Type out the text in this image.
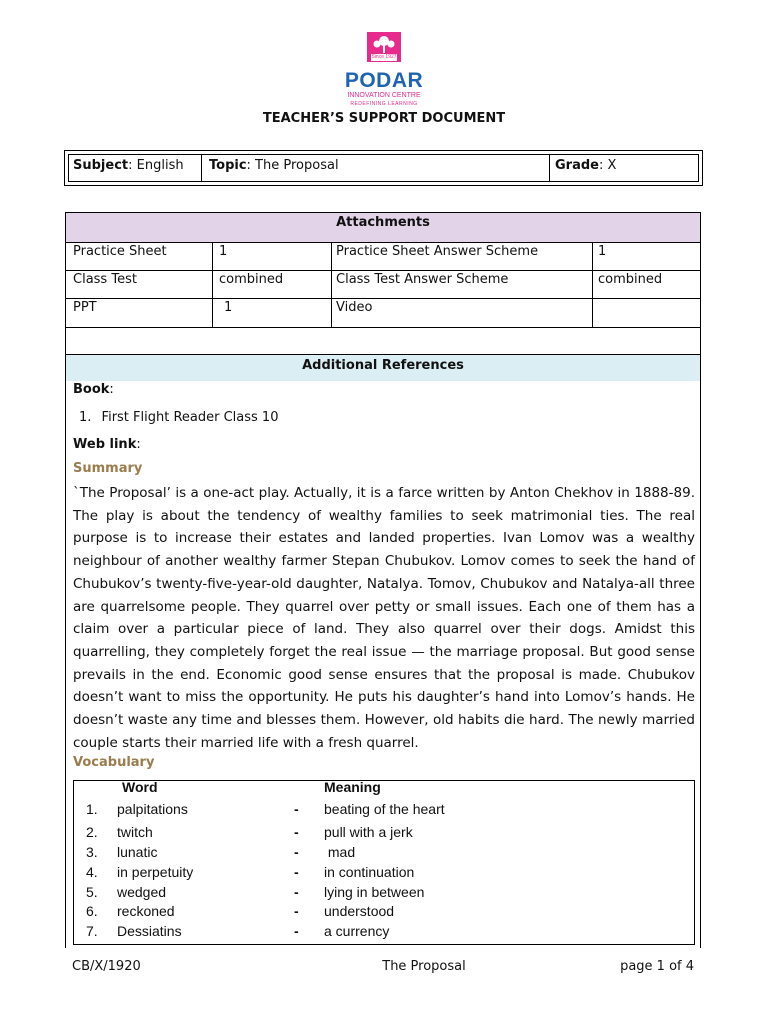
Since 1927
PODAR
INNOVATION CENTRE
REDEFINING LEARNING
TEACHER’S SUPPORT DOCUMENT
Subject: English	Topic: The Proposal	Grade: X
Attachments
Practice Sheet	1	Practice Sheet Answer Scheme	1
Class Test	combined	Class Test Answer Scheme	combined
PPT	1	Video
Additional References
Book:
1. First Flight Reader Class 10
Web link:
Summary
`The Proposal’ is a one-act play. Actually, it is a farce written by Anton Chekhov in 1888-89. The play is about the tendency of wealthy families to seek matrimonial ties. The real purpose is to increase their estates and landed properties. Ivan Lomov was a wealthy neighbour of another wealthy farmer Stepan Chubukov. Lomov comes to seek the hand of Chubukov’s twenty-five-year-old daughter, Natalya. Tomov, Chubukov and Natalya-all three are quarrelsome people. They quarrel over petty or small issues. Each one of them has a claim over a particular piece of land. They also quarrel over their dogs. Amidst this quarrelling, they completely forget the real issue — the marriage proposal. But good sense prevails in the end. Economic good sense ensures that the proposal is made. Chubukov doesn’t want to miss the opportunity. He puts his daughter’s hand into Lomov’s hands. He doesn’t waste any time and blesses them. However, old habits die hard. The newly married couple starts their married life with a fresh quarrel.
Vocabulary
Word	Meaning
1. palpitations	- beating of the heart
2. twitch	- pull with a jerk
3. lunatic	- mad
4. in perpetuity	- in continuation
5. wedged	- lying in between
6. reckoned	- understood
7. Dessiatins	- a currency
CB/X/1920	The Proposal	page 1 of 4
